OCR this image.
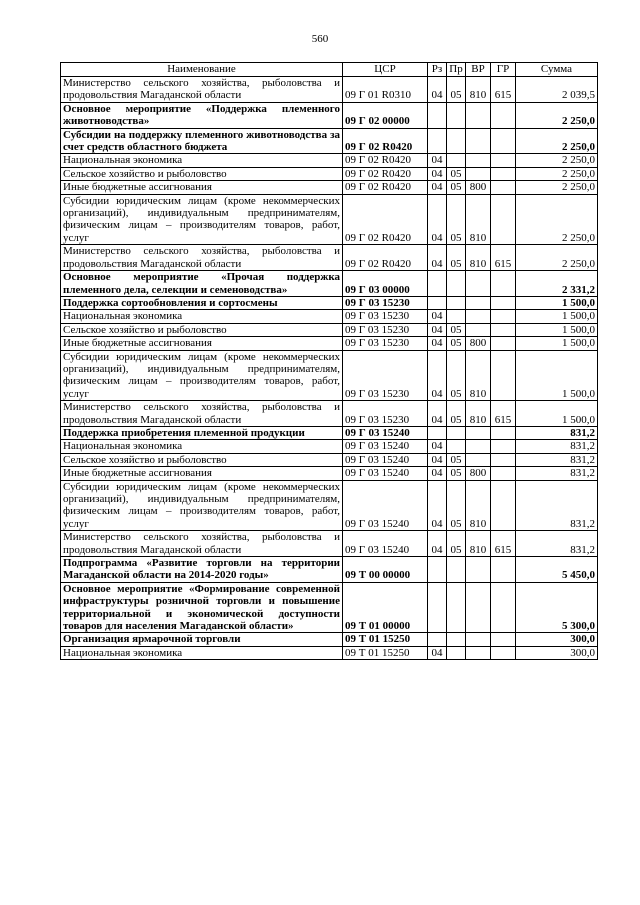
560
Наименование	ЦСР	Рз	Пр	ВР	ГР	Сумма
Министерство сельского хозяйства, рыболовства и продовольствия Магаданской области	09 Г 01 R0310	04	05	810	615	2 039,5
Основное мероприятие «Поддержка племенного животноводства»	09 Г 02 00000					2 250,0
Субсидии на поддержку племенного животноводства за счет средств областного бюджета	09 Г 02 R0420					2 250,0
Национальная экономика	09 Г 02 R0420	04				2 250,0
Сельское хозяйство и рыболовство	09 Г 02 R0420	04	05			2 250,0
Иные бюджетные ассигнования	09 Г 02 R0420	04	05	800		2 250,0
Субсидии юридическим лицам (кроме некоммерческих организаций), индивидуальным предпринимателям, физическим лицам – производителям товаров, работ, услуг	09 Г 02 R0420	04	05	810		2 250,0
Министерство сельского хозяйства, рыболовства и продовольствия Магаданской области	09 Г 02 R0420	04	05	810	615	2 250,0
Основное мероприятие «Прочая поддержка племенного дела, селекции и семеноводства»	09 Г 03 00000					2 331,2
Поддержка сортообновления и сортосмены	09 Г 03 15230					1 500,0
Национальная экономика	09 Г 03 15230	04				1 500,0
Сельское хозяйство и рыболовство	09 Г 03 15230	04	05			1 500,0
Иные бюджетные ассигнования	09 Г 03 15230	04	05	800		1 500,0
Субсидии юридическим лицам (кроме некоммерческих организаций), индивидуальным предпринимателям, физическим лицам – производителям товаров, работ, услуг	09 Г 03 15230	04	05	810		1 500,0
Министерство сельского хозяйства, рыболовства и продовольствия Магаданской области	09 Г 03 15230	04	05	810	615	1 500,0
Поддержка приобретения племенной продукции	09 Г 03 15240					831,2
Национальная экономика	09 Г 03 15240	04				831,2
Сельское хозяйство и рыболовство	09 Г 03 15240	04	05			831,2
Иные бюджетные ассигнования	09 Г 03 15240	04	05	800		831,2
Субсидии юридическим лицам (кроме некоммерческих организаций), индивидуальным предпринимателям, физическим лицам – производителям товаров, работ, услуг	09 Г 03 15240	04	05	810		831,2
Министерство сельского хозяйства, рыболовства и продовольствия Магаданской области	09 Г 03 15240	04	05	810	615	831,2
Подпрограмма «Развитие торговли на территории Магаданской области на 2014-2020 годы»	09 Т 00 00000					5 450,0
Основное мероприятие «Формирование современной инфраструктуры розничной торговли и повышение территориальной и экономической доступности товаров для населения Магаданской области»	09 Т 01 00000					5 300,0
Организация ярмарочной торговли	09 Т 01 15250					300,0
Национальная экономика	09 Т 01 15250	04				300,0
